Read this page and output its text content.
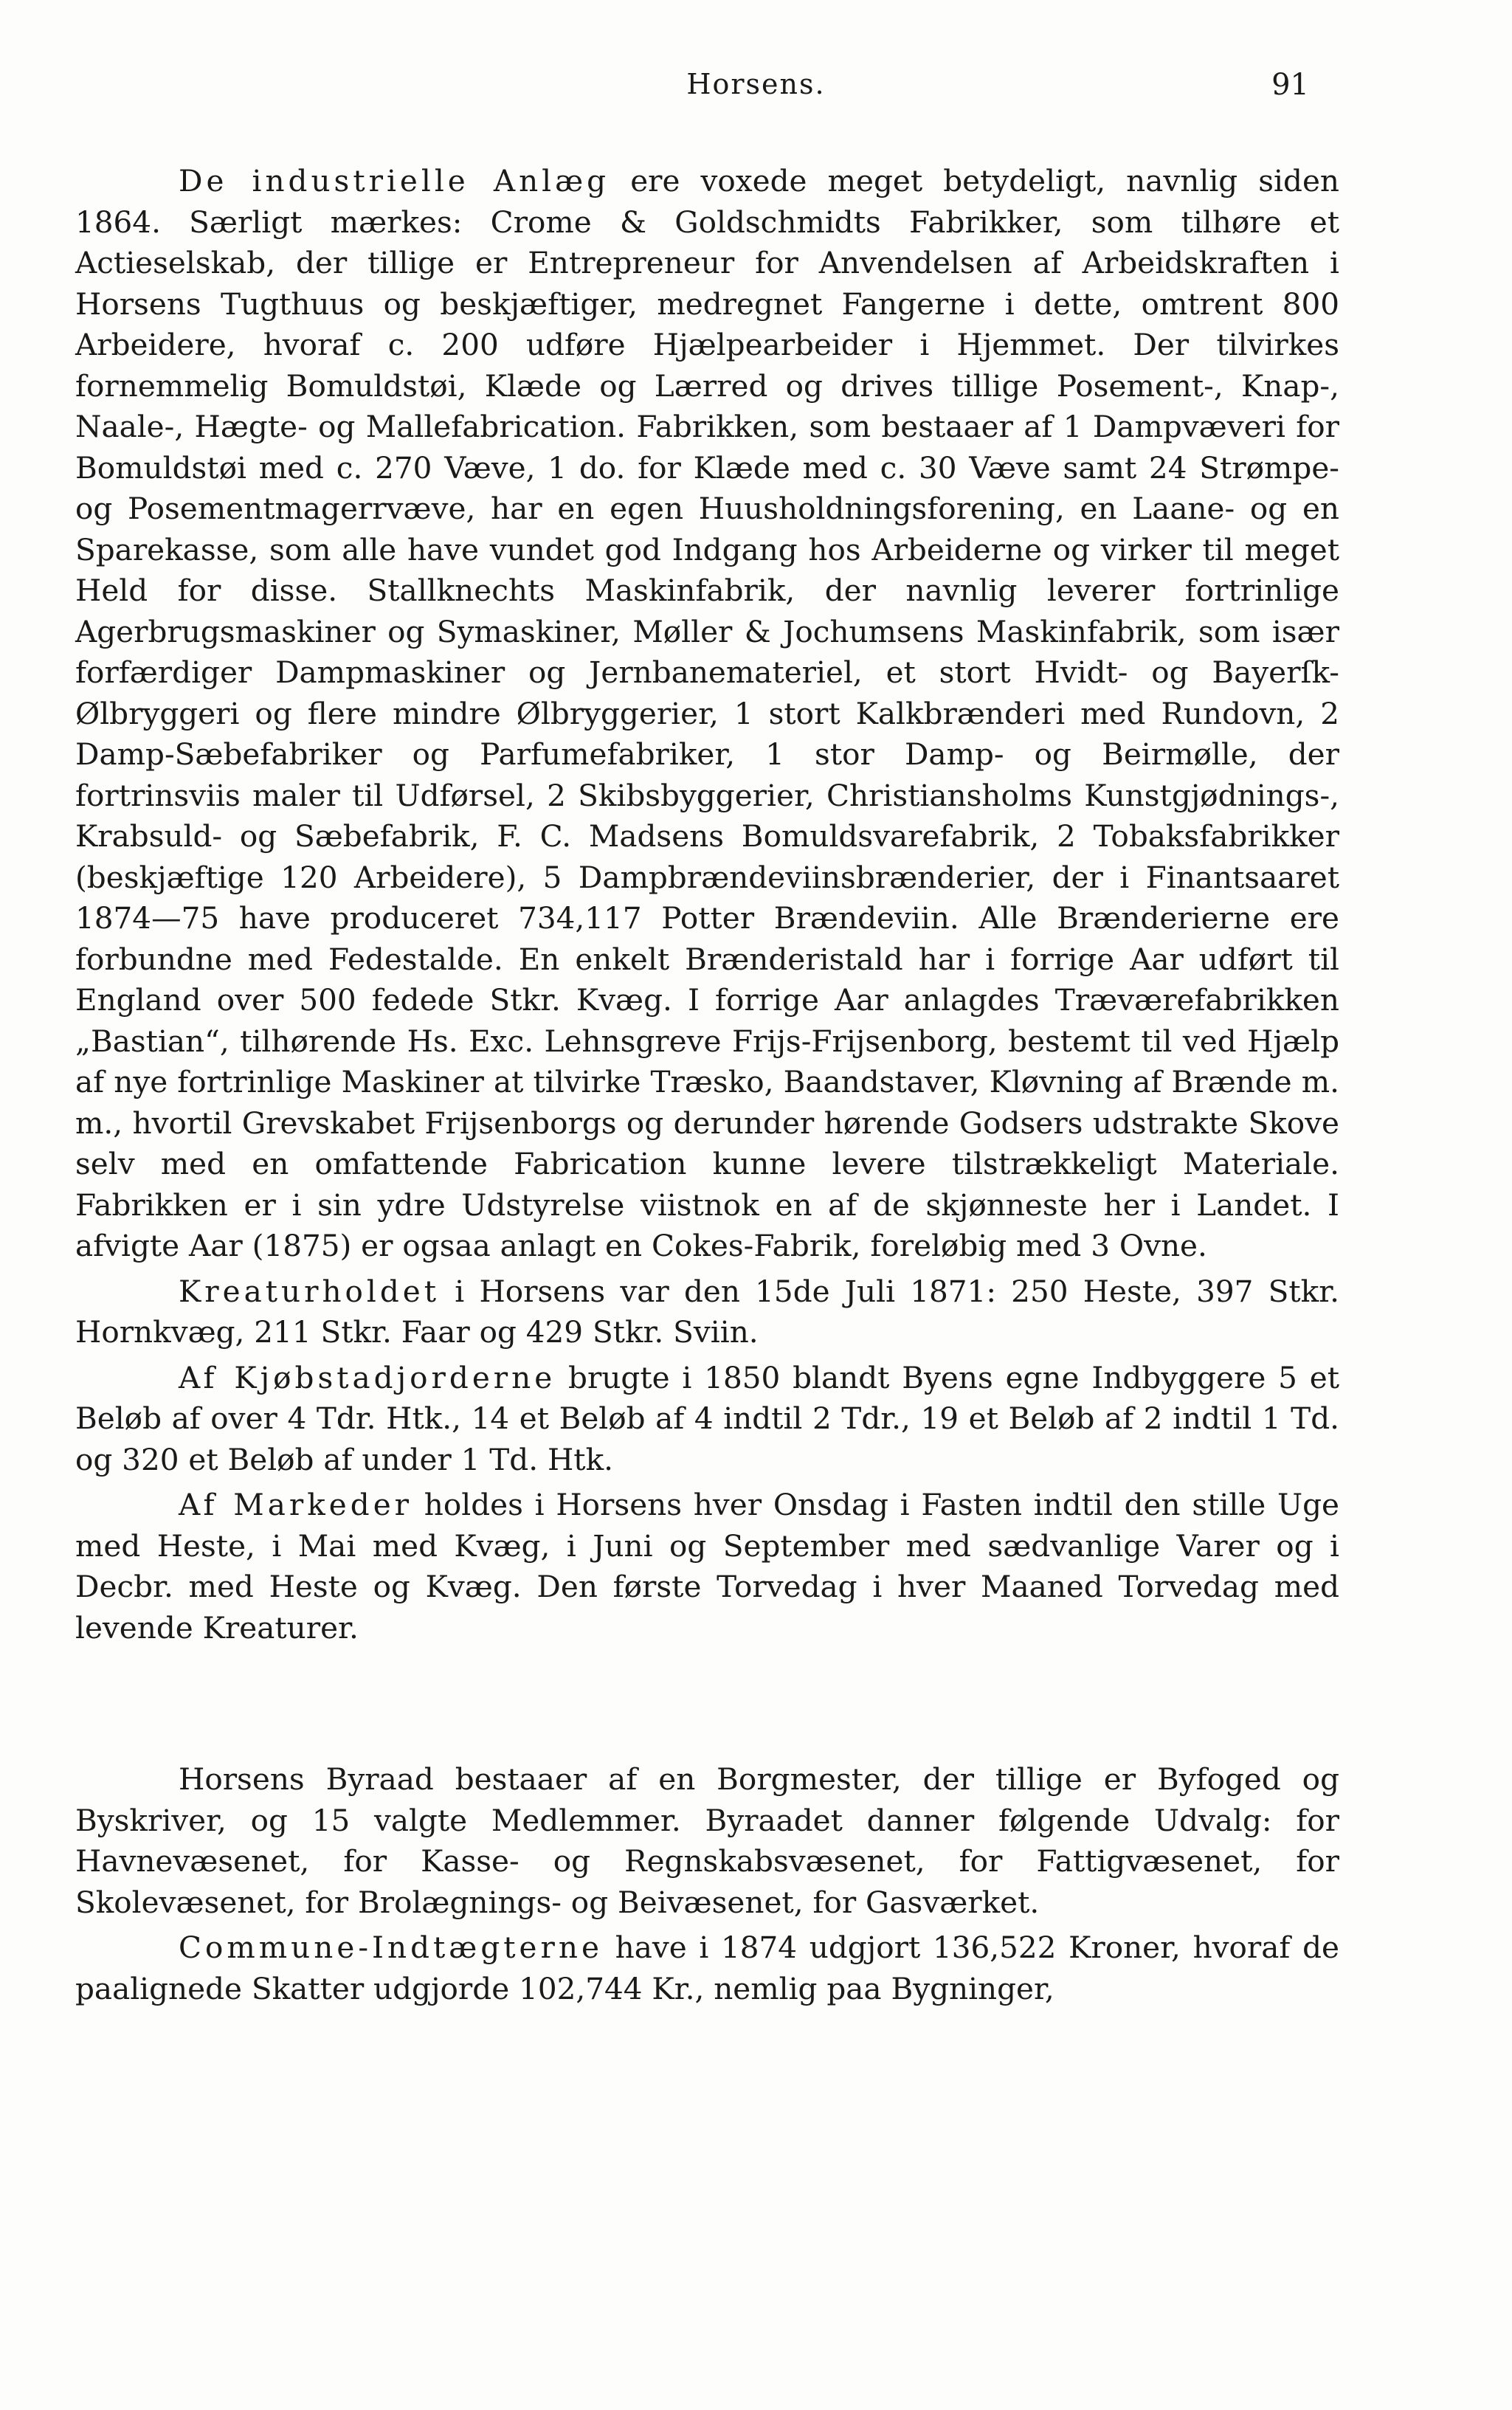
Horsens.	91

De industrielle Anlæg ere voxede meget betydeligt, navnlig siden 1864. Særligt mærkes: Crome & Goldschmidts Fabrikker, som tilhøre et Actieselskab, der tillige er Entrepreneur for Anvendelsen af Arbeidskraften i Horsens Tugthuus og beskjæftiger, medregnet Fangerne i dette, omtrent 800 Arbeidere, hvoraf c. 200 udføre Hjælpearbeider i Hjemmet. Der tilvirkes fornemmelig Bomuldstøi, Klæde og Lærred og drives tillige Posement-, Knap-, Naale-, Hægte- og Mallefabrication. Fabrikken, som bestaaer af 1 Dampvæveri for Bomuldstøi med c. 270 Væve, 1 do. for Klæde med c. 30 Væve samt 24 Strømpe- og Posementmagerrvæve, har en egen Huusholdningsforening, en Laane- og en Sparekasse, som alle have vundet god Indgang hos Arbeiderne og virker til meget Held for disse. Stallknechts Maskinfabrik, der navnlig leverer fortrinlige Agerbrugsmaskiner og Symaskiner, Møller & Jochumsens Maskinfabrik, som især forfærdiger Dampmaskiner og Jernbanemateriel, et stort Hvidt- og Bayerſk-Ølbryggeri og flere mindre Ølbryggerier, 1 stort Kalkbrænderi med Rundovn, 2 Damp-Sæbefabriker og Parfumefabriker, 1 stor Damp- og Beirmølle, der fortrinsviis maler til Udførsel, 2 Skibsbyggerier, Christiansholms Kunstgjødnings-, Krabsuld- og Sæbefabrik, F. C. Madsens Bomuldsvarefabrik, 2 Tobaksfabrikker (beskjæftige 120 Arbeidere), 5 Dampbrændeviinsbrænderier, der i Finantsaaret 1874—75 have produceret 734,117 Potter Brændeviin. Alle Brænderierne ere forbundne med Fedestalde. En enkelt Brænderistald har i forrige Aar udført til England over 500 fedede Stkr. Kvæg. I forrige Aar anlagdes Træværefabrikken „Bastian“, tilhørende Hs. Exc. Lehnsgreve Frijs-Frijsenborg, bestemt til ved Hjælp af nye fortrinlige Maskiner at tilvirke Træsko, Baandstaver, Kløvning af Brænde m. m., hvortil Grevskabet Frijsenborgs og derunder hørende Godsers udstrakte Skove selv med en omfattende Fabrication kunne levere tilstrækkeligt Materiale. Fabrikken er i sin ydre Udstyrelse viistnok en af de skjønneste her i Landet. I afvigte Aar (1875) er ogsaa anlagt en Cokes-Fabrik, foreløbig med 3 Ovne.

Kreaturholdet i Horsens var den 15de Juli 1871: 250 Heste, 397 Stkr. Hornkvæg, 211 Stkr. Faar og 429 Stkr. Sviin.

Af Kjøbstadjorderne brugte i 1850 blandt Byens egne Indbyggere 5 et Beløb af over 4 Tdr. Htk., 14 et Beløb af 4 indtil 2 Tdr., 19 et Beløb af 2 indtil 1 Td. og 320 et Beløb af under 1 Td. Htk.

Af Markeder holdes i Horsens hver Onsdag i Fasten indtil den stille Uge med Heste, i Mai med Kvæg, i Juni og September med sædvanlige Varer og i Decbr. med Heste og Kvæg. Den første Torvedag i hver Maaned Torvedag med levende Kreaturer.

Horsens Byraad bestaaer af en Borgmester, der tillige er Byfoged og Byskriver, og 15 valgte Medlemmer. Byraadet danner følgende Udvalg: for Havnevæsenet, for Kasse- og Regnskabsvæsenet, for Fattigvæsenet, for Skolevæsenet, for Brolægnings- og Beivæsenet, for Gasværket.

Commune-Indtægterne have i 1874 udgjort 136,522 Kroner, hvoraf de paalignede Skatter udgjorde 102,744 Kr., nemlig paa Bygninger,
